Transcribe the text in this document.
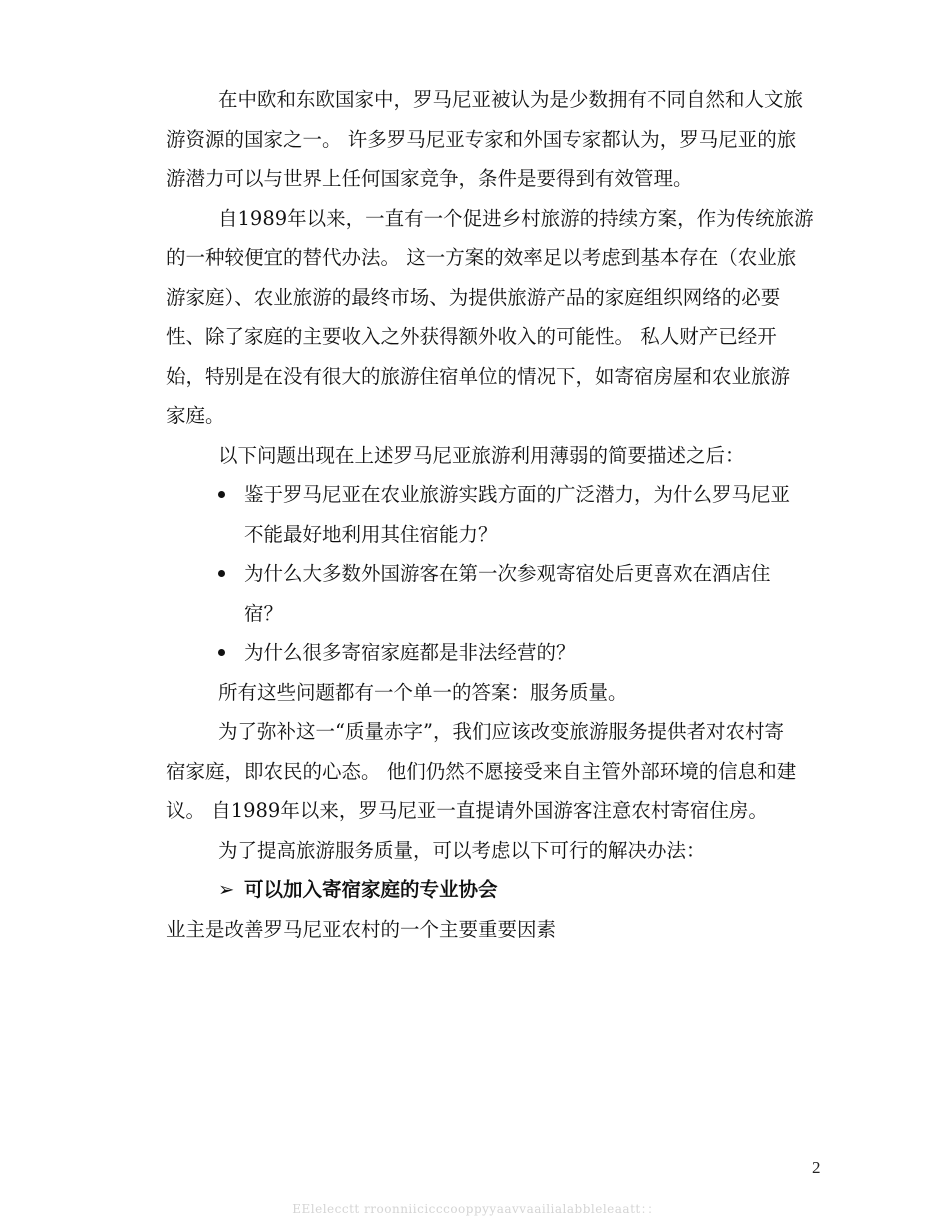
在中欧和东欧国家中，罗马尼亚被认为是少数拥有不同自然和人文旅

游资源的国家之一。 许多罗马尼亚专家和外国专家都认为，罗马尼亚的旅

游潜力可以与世界上任何国家竞争，条件是要得到有效管理。

自1989年以来，一直有一个促进乡村旅游的持续方案，作为传统旅游

的一种较便宜的替代办法。 这一方案的效率足以考虑到基本存在（农业旅

游家庭）、农业旅游的最终市场、为提供旅游产品的家庭组织网络的必要

性、除了家庭的主要收入之外获得额外收入的可能性。 私人财产已经开

始，特别是在没有很大的旅游住宿单位的情况下，如寄宿房屋和农业旅游

家庭。

以下问题出现在上述罗马尼亚旅游利用薄弱的简要描述之后：

鉴于罗马尼亚在农业旅游实践方面的广泛潜力，为什么罗马尼亚

不能最好地利用其住宿能力？

为什么大多数外国游客在第一次参观寄宿处后更喜欢在酒店住

宿？

为什么很多寄宿家庭都是非法经营的？

所有这些问题都有一个单一的答案：服务质量。

为了弥补这一“质量赤字”，我们应该改变旅游服务提供者对农村寄

宿家庭，即农民的心态。 他们仍然不愿接受来自主管外部环境的信息和建

议。 自1989年以来，罗马尼亚一直提请外国游客注意农村寄宿住房。

为了提高旅游服务质量，可以考虑以下可行的解决办法：

➢ 可以加入寄宿家庭的专业协会

业主是改善罗马尼亚农村的一个主要重要因素

2
EElelecctt rroonniicicccooppyyaavvaailialabbleleaatt：：
